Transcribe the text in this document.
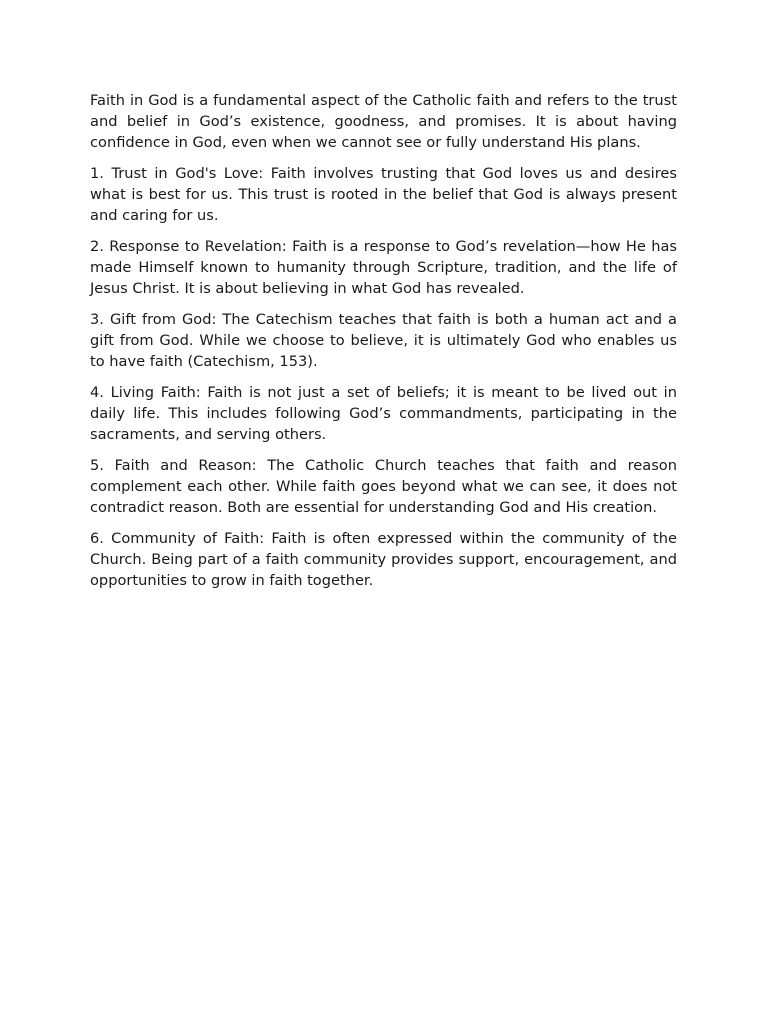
Faith in God is a fundamental aspect of the Catholic faith and refers to the trust and belief in God’s existence, goodness, and promises. It is about having confidence in God, even when we cannot see or fully understand His plans.

1. Trust in God's Love: Faith involves trusting that God loves us and desires what is best for us. This trust is rooted in the belief that God is always present and caring for us.

2. Response to Revelation: Faith is a response to God’s revelation—how He has made Himself known to humanity through Scripture, tradition, and the life of Jesus Christ. It is about believing in what God has revealed.

3. Gift from God: The Catechism teaches that faith is both a human act and a gift from God. While we choose to believe, it is ultimately God who enables us to have faith (Catechism, 153).

4. Living Faith: Faith is not just a set of beliefs; it is meant to be lived out in daily life. This includes following God’s commandments, participating in the sacraments, and serving others.

5. Faith and Reason: The Catholic Church teaches that faith and reason complement each other. While faith goes beyond what we can see, it does not contradict reason. Both are essential for understanding God and His creation.

6. Community of Faith: Faith is often expressed within the community of the Church. Being part of a faith community provides support, encouragement, and opportunities to grow in faith together.
